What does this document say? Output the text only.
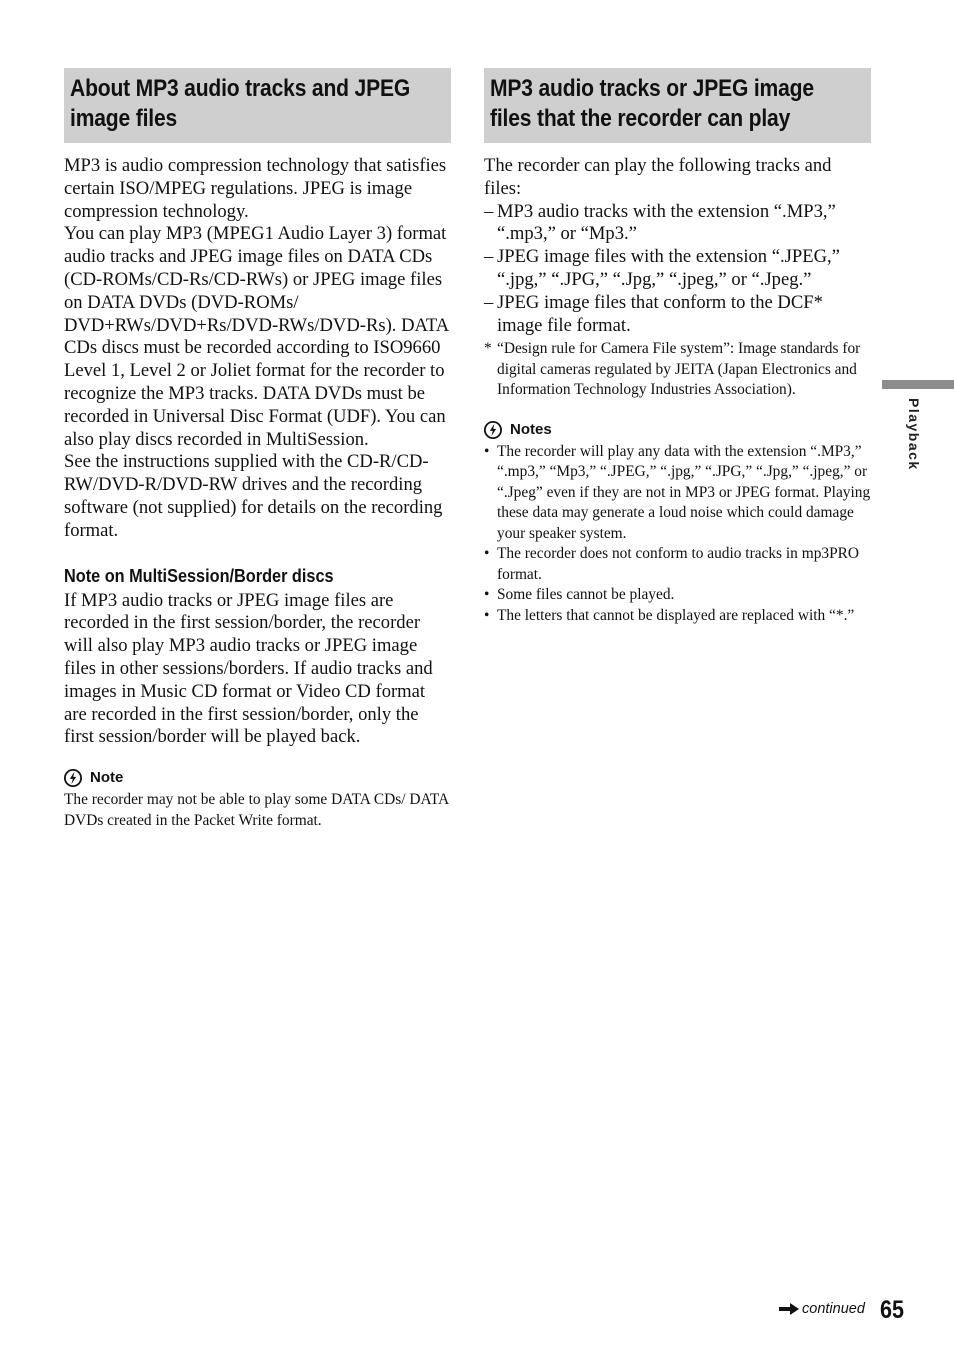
About MP3 audio tracks and JPEG
image files

MP3 is audio compression technology that satisfies certain ISO/MPEG regulations. JPEG is image compression technology.

You can play MP3 (MPEG1 Audio Layer 3) format audio tracks and JPEG image files on DATA CDs (CD-ROMs/CD-Rs/CD-RWs) or JPEG image files on DATA DVDs (DVD-ROMs/ DVD+RWs/DVD+Rs/DVD-RWs/DVD-Rs). DATA CDs discs must be recorded according to ISO9660 Level 1, Level 2 or Joliet format for the recorder to recognize the MP3 tracks. DATA DVDs must be recorded in Universal Disc Format (UDF). You can also play discs recorded in MultiSession.

See the instructions supplied with the CD-R/CD-RW/DVD-R/DVD-RW drives and the recording software (not supplied) for details on the recording format.

Note on MultiSession/Border discs

If MP3 audio tracks or JPEG image files are recorded in the first session/border, the recorder will also play MP3 audio tracks or JPEG image files in other sessions/borders. If audio tracks and images in Music CD format or Video CD format are recorded in the first session/border, only the first session/border will be played back.

Note

The recorder may not be able to play some DATA CDs/ DATA DVDs created in the Packet Write format.

MP3 audio tracks or JPEG image
files that the recorder can play

The recorder can play the following tracks and files:

– MP3 audio tracks with the extension “.MP3,” “.mp3,” or “Mp3.”
– JPEG image files with the extension “.JPEG,” “.jpg,” “.JPG,” “.Jpg,” “.jpeg,” or “.Jpeg.”
– JPEG image files that conform to the DCF* image file format.
* “Design rule for Camera File system”: Image standards for digital cameras regulated by JEITA (Japan Electronics and Information Technology Industries Association).
Notes
• The recorder will play any data with the extension “.MP3,” “.mp3,” “Mp3,” “.JPEG,” “.jpg,” “.JPG,” “.Jpg,” “.jpeg,” or “.Jpeg” even if they are not in MP3 or JPEG format. Playing these data may generate a loud noise which could damage your speaker system.
• The recorder does not conform to audio tracks in mp3PRO format.
• Some files cannot be played.
• The letters that cannot be displayed are replaced with “*.”
Playback
continued 65
